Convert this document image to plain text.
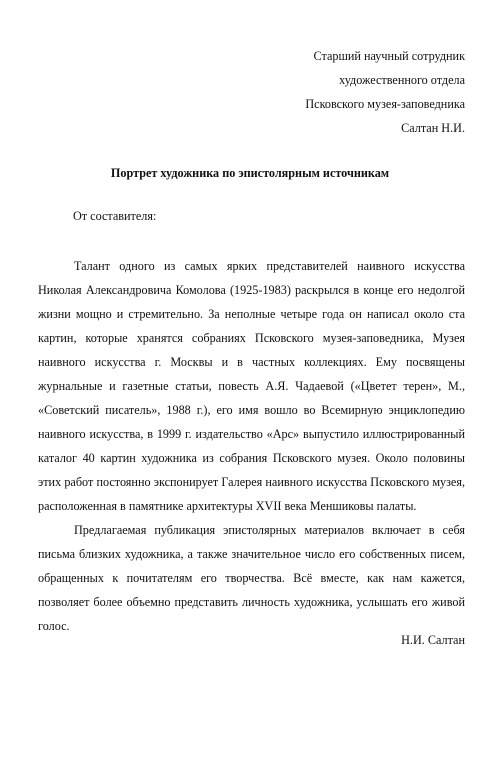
Старший научный сотрудник
художественного отдела
Псковского музея-заповедника
Салтан Н.И.
Портрет художника по эпистолярным источникам
От составителя:

Талант одного из самых ярких представителей наивного искусства Николая Александровича Комолова (1925-1983) раскрылся в конце его недолгой жизни мощно и стремительно. За неполные четыре года он написал около ста картин, которые хранятся собраниях Псковского музея-заповедника, Музея наивного искусства г. Москвы и в частных коллекциях. Ему посвящены журнальные и газетные статьи, повесть А.Я. Чадаевой («Цветет терен», М., «Советский писатель», 1988 г.), его имя вошло во Всемирную энциклопедию наивного искусства, в 1999 г. издательство «Арс» выпустило иллюстрированный каталог 40 картин художника из собрания Псковского музея. Около половины этих работ постоянно экспонирует Галерея наивного искусства Псковского музея, расположенная в памятнике архитектуры XVII века Меншиковы палаты.

Предлагаемая публикация эпистолярных материалов включает в себя письма близких художника, а также значительное число его собственных писем, обращенных к почитателям его творчества. Всё вместе, как нам кажется, позволяет более объемно представить личность художника, услышать его живой голос.

Н.И. Салтан
